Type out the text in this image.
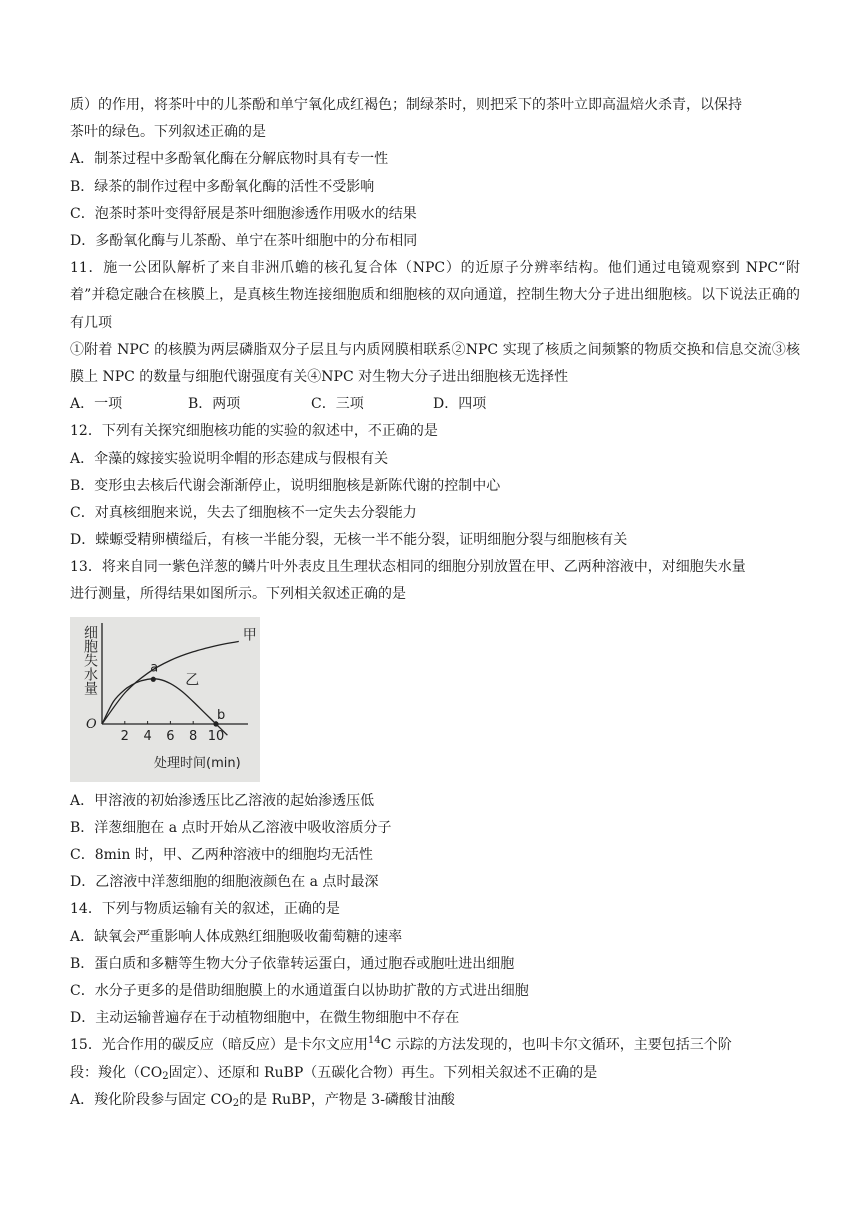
质）的作用，将茶叶中的儿茶酚和单宁氧化成红褐色；制绿茶时，则把采下的茶叶立即高温焙火杀青，以保持
茶叶的绿色。下列叙述正确的是
A．制茶过程中多酚氧化酶在分解底物时具有专一性
B．绿茶的制作过程中多酚氧化酶的活性不受影响
C．泡茶时茶叶变得舒展是茶叶细胞渗透作用吸水的结果
D．多酚氧化酶与儿茶酚、单宁在茶叶细胞中的分布相同
11．施一公团队解析了来自非洲爪蟾的核孔复合体（NPC）的近原子分辨率结构。他们通过电镜观察到 NPC“附着”并稳定融合在核膜上，是真核生物连接细胞质和细胞核的双向通道，控制生物大分子进出细胞核。以下说法正确的有几项
①附着 NPC 的核膜为两层磷脂双分子层且与内质网膜相联系②NPC 实现了核质之间频繁的物质交换和信息交流③核膜上 NPC 的数量与细胞代谢强度有关④NPC 对生物大分子进出细胞核无选择性
A．一项	B．两项	C．三项	D．四项
12．下列有关探究细胞核功能的实验的叙述中，不正确的是
A．伞藻的嫁接实验说明伞帽的形态建成与假根有关
B．变形虫去核后代谢会渐渐停止，说明细胞核是新陈代谢的控制中心
C．对真核细胞来说，失去了细胞核不一定失去分裂能力
D．蝾螈受精卵横缢后，有核一半能分裂，无核一半不能分裂，证明细胞分裂与细胞核有关
13．将来自同一紫色洋葱的鳞片叶外表皮且生理状态相同的细胞分别放置在甲、乙两种溶液中，对细胞失水量
进行测量，所得结果如图所示。下列相关叙述正确的是
2 4 6 8 10
甲
乙
a
b
细胞失水量
处理时间(min)
O
A．甲溶液的初始渗透压比乙溶液的起始渗透压低
B．洋葱细胞在 a 点时开始从乙溶液中吸收溶质分子
C．8min 时，甲、乙两种溶液中的细胞均无活性
D．乙溶液中洋葱细胞的细胞液颜色在 a 点时最深
14．下列与物质运输有关的叙述，正确的是
A．缺氧会严重影响人体成熟红细胞吸收葡萄糖的速率
B．蛋白质和多糖等生物大分子依靠转运蛋白，通过胞吞或胞吐进出细胞
C．水分子更多的是借助细胞膜上的水通道蛋白以协助扩散的方式进出细胞
D．主动运输普遍存在于动植物细胞中，在微生物细胞中不存在
15．光合作用的碳反应（暗反应）是卡尔文应用$^{14}$C 示踪的方法发现的，也叫卡尔文循环，主要包括三个阶
段：羧化（$CO_2$固定）、还原和 RuBP（五碳化合物）再生。下列相关叙述不正确的是
A．羧化阶段参与固定 $CO_2$的是 RuBP，产物是 3-磷酸甘油酸
